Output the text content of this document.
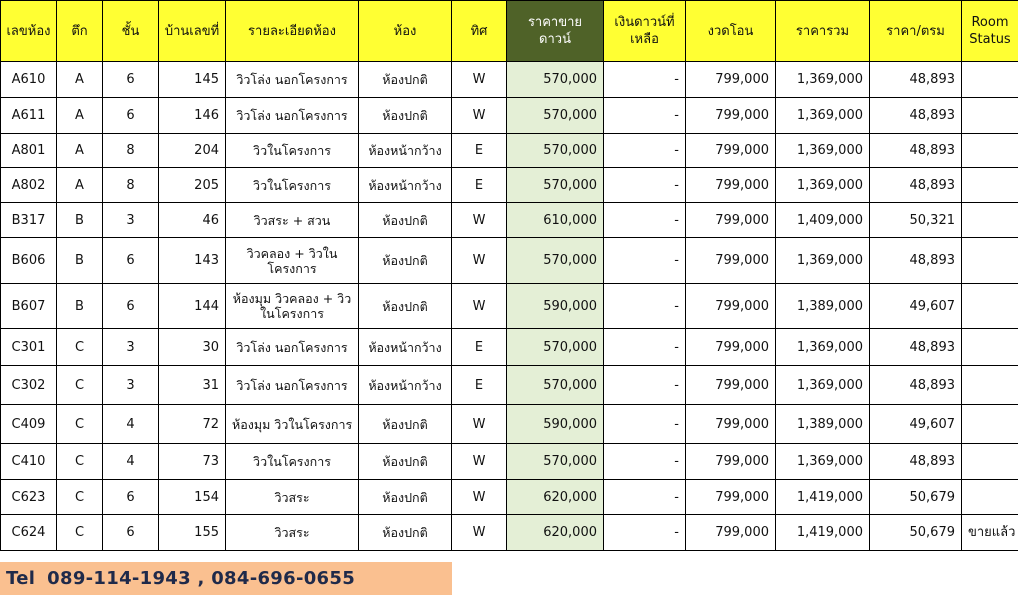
เลขห้อง	ตึก	ชั้น	บ้านเลขที่	รายละเอียดห้อง	ห้อง	ทิศ	ราคาขาย ดาวน์	เงินดาวน์ที่ เหลือ	งวดโอน	ราคารวม	ราคา/ตรม	Room Status
A610	A	6	145	วิวโล่ง นอกโครงการ	ห้องปกติ	W	570,000	-	799,000	1,369,000	48,893	
A611	A	6	146	วิวโล่ง นอกโครงการ	ห้องปกติ	W	570,000	-	799,000	1,369,000	48,893	
A801	A	8	204	วิวในโครงการ	ห้องหน้ากว้าง	E	570,000	-	799,000	1,369,000	48,893	
A802	A	8	205	วิวในโครงการ	ห้องหน้ากว้าง	E	570,000	-	799,000	1,369,000	48,893	
B317	B	3	46	วิวสระ + สวน	ห้องปกติ	W	610,000	-	799,000	1,409,000	50,321	
B606	B	6	143	วิวคลอง + วิวใน โครงการ	ห้องปกติ	W	570,000	-	799,000	1,369,000	48,893	
B607	B	6	144	ห้องมุม วิวคลอง + วิวในโครงการ	ห้องปกติ	W	590,000	-	799,000	1,389,000	49,607	
C301	C	3	30	วิวโล่ง นอกโครงการ	ห้องหน้ากว้าง	E	570,000	-	799,000	1,369,000	48,893	
C302	C	3	31	วิวโล่ง นอกโครงการ	ห้องหน้ากว้าง	E	570,000	-	799,000	1,369,000	48,893	
C409	C	4	72	ห้องมุม วิวในโครงการ	ห้องปกติ	W	590,000	-	799,000	1,389,000	49,607	
C410	C	4	73	วิวในโครงการ	ห้องปกติ	W	570,000	-	799,000	1,369,000	48,893	
C623	C	6	154	วิวสระ	ห้องปกติ	W	620,000	-	799,000	1,419,000	50,679	
C624	C	6	155	วิวสระ	ห้องปกติ	W	620,000	-	799,000	1,419,000	50,679	ขายแล้ว
Tel 089-114-1943 , 084-696-0655
